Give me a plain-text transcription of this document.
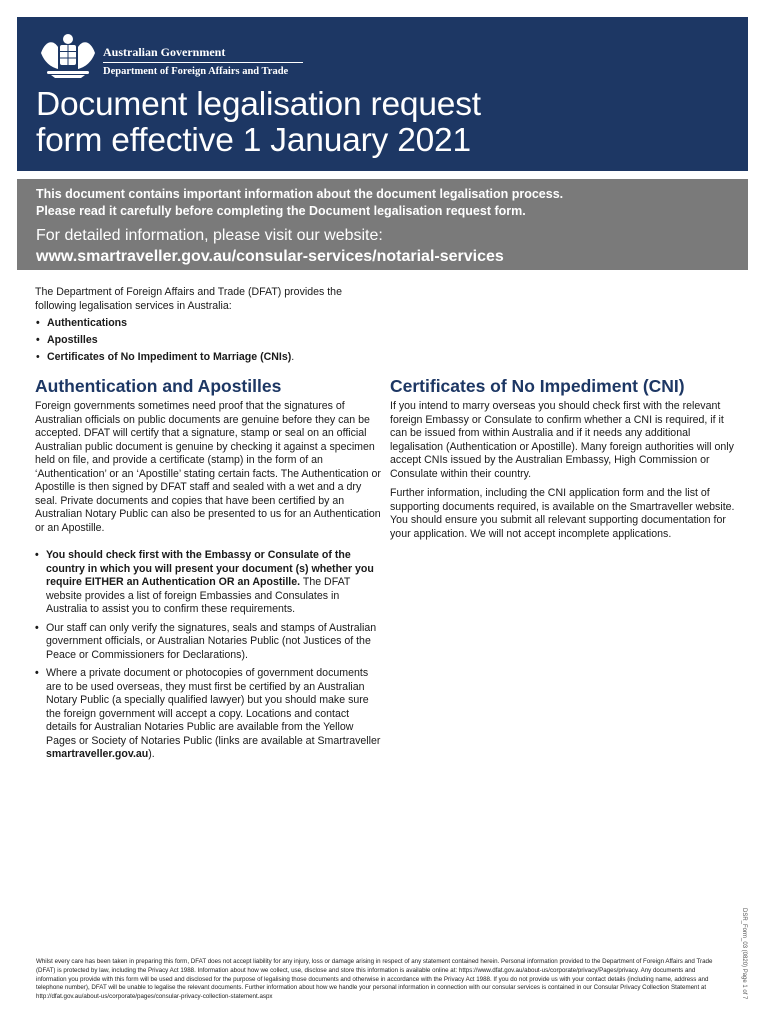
Australian Government
Department of Foreign Affairs and Trade
Document legalisation request
form effective 1 January 2021
This document contains important information about the document legalisation process.
Please read it carefully before completing the Document legalisation request form.
For detailed information, please visit our website:
www.smartraveller.gov.au/consular-services/notarial-services

The Department of Foreign Affairs and Trade (DFAT) provides the following legalisation services in Australia:

• Authentications
• Apostilles
• Certificates of No Impediment to Marriage (CNIs).
Authentication and Apostilles

Foreign governments sometimes need proof that the signatures of Australian officials on public documents are genuine before they can be accepted. DFAT will certify that a signature, stamp or seal on an official Australian public document is genuine by checking it against a specimen held on file, and provide a certificate (stamp) in the form of an ‘Authentication’ or an ‘Apostille’ stating certain facts. The Authentication or Apostille is then signed by DFAT staff and sealed with a wet and a dry seal. Private documents and copies that have been certified by an Australian Notary Public can also be presented to us for an Authentication or an Apostille.

• You should check first with the Embassy or Consulate of the country in which you will present your document (s) whether you require EITHER an Authentication OR an Apostille. The DFAT website provides a list of foreign Embassies and Consulates in Australia to assist you to confirm these requirements.
• Our staff can only verify the signatures, seals and stamps of Australian government officials, or Australian Notaries Public (not Justices of the Peace or Commissioners for Declarations).
• Where a private document or photocopies of government documents are to be used overseas, they must first be certified by an Australian Notary Public (a specially qualified lawyer) but you should make sure the foreign government will accept a copy. Locations and contact details for Australian Notaries Public are available from the Yellow Pages or Society of Notaries Public (links are available at Smartraveller smartraveller.gov.au).
Certificates of No Impediment (CNI)

If you intend to marry overseas you should check first with the relevant foreign Embassy or Consulate to confirm whether a CNI is required, if it can be issued from within Australia and if it needs any additional legalisation (Authentication or Apostille). Many foreign authorities will only accept CNIs issued by the Australian Embassy, High Commission or Consulate within their country.

Further information, including the CNI application form and the list of supporting documents required, is available on the Smartraveller website. You should ensure you submit all relevant supporting documentation for your application. We will not accept incomplete applications.

Whilst every care has been taken in preparing this form, DFAT does not accept liability for any injury, loss or damage arising in respect of any statement contained herein. Personal information provided to the Department of Foreign Affairs and Trade (DFAT) is protected by law, including the Privacy Act 1988. Information about how we collect, use, disclose and store this information is available online at: https://www.dfat.gov.au/about-us/corporate/privacy/Pages/privacy. Any documents and information you provide with this form will be used and disclosed for the purpose of legalising those documents and otherwise in accordance with the Privacy Act 1988. If you do not provide us with your contact details (including name, address and telephone number), DFAT will be unable to legalise the relevant documents. Further information about how we handle your personal information in connection with our consular services is contained in our Consular Privacy Collection Statement at http://dfat.gov.au/about-us/corporate/pages/consular-privacy-collection-statement.aspx	DSR_Form_03 (0820) Page 1 of 7
